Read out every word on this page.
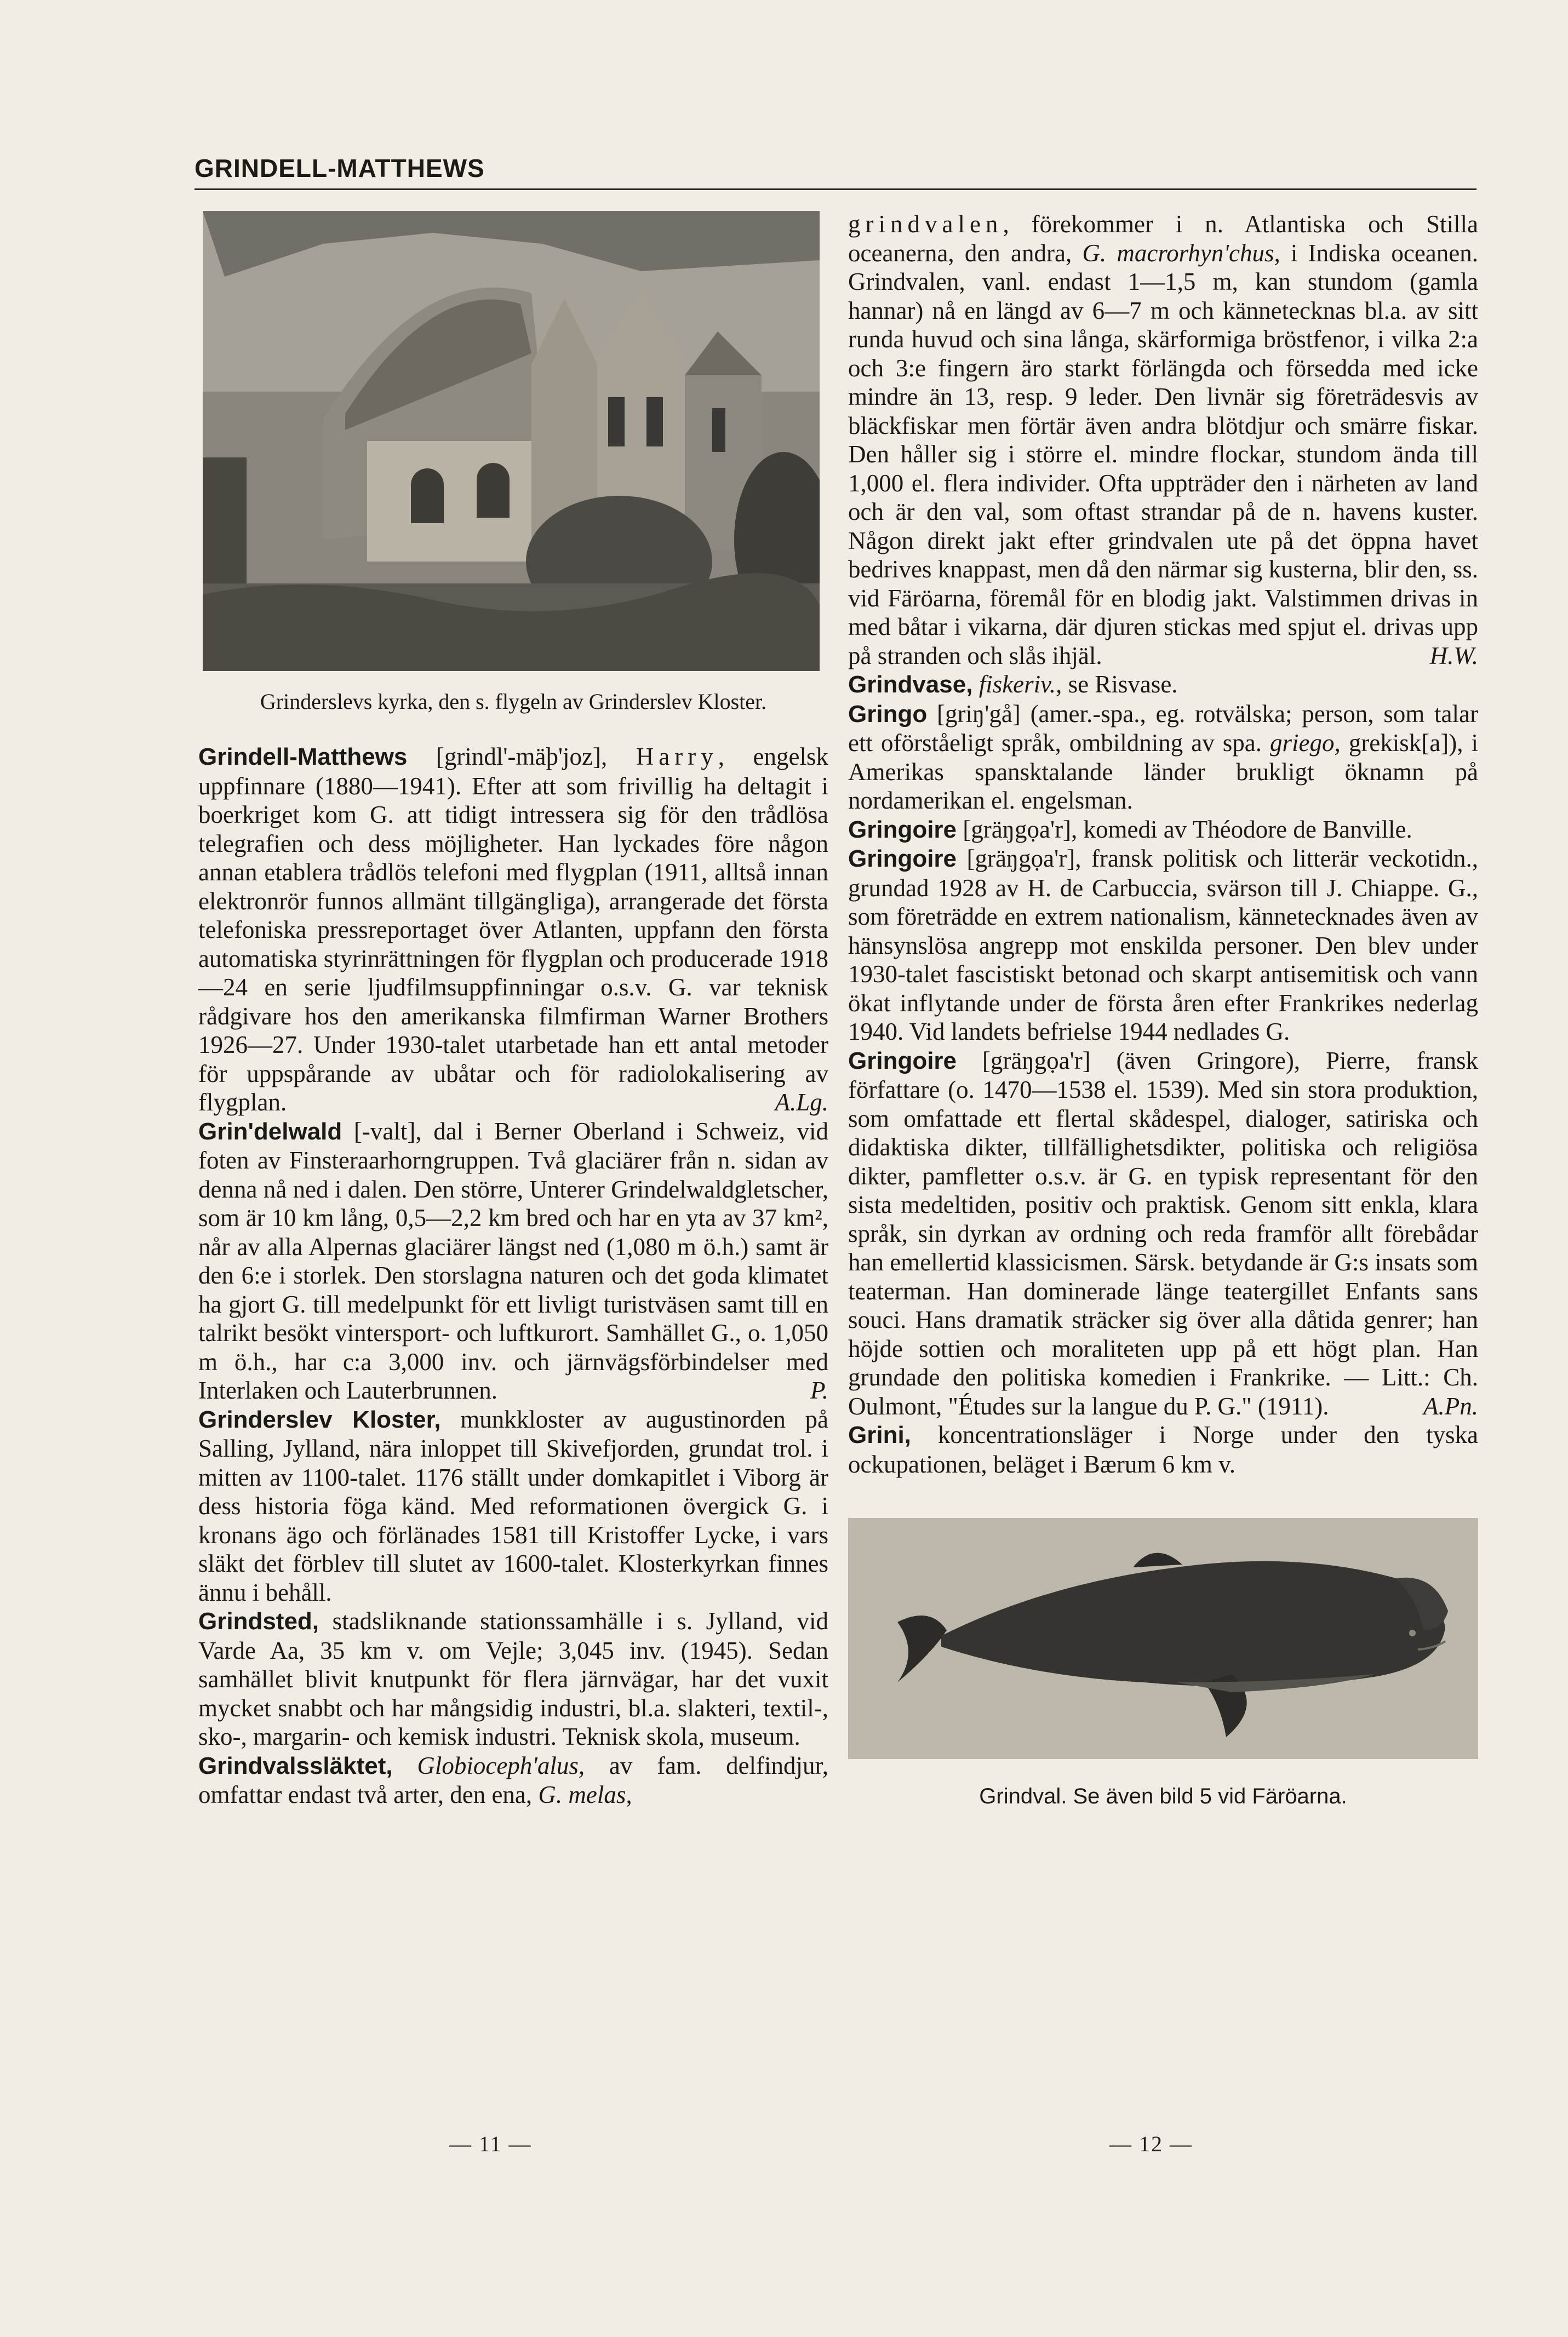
GRINDELL-MATTHEWS
Grinderslevs kyrka, den s. flygeln av Grinderslev Kloster.

Grindell-Matthews [grindl'-mäþ'joz], Harry, engelsk uppfinnare (1880—1941). Efter att som frivillig ha deltagit i boerkriget kom G. att tidigt intressera sig för den trådlösa telegrafien och dess möjligheter. Han lyckades före någon annan etablera trådlös telefoni med flygplan (1911, alltså innan elektronrör funnos allmänt tillgängliga), arrangerade det första telefoniska pressreportaget över Atlanten, uppfann den första automatiska styrinrättningen för flygplan och producerade 1918—24 en serie ljudfilmsuppfinningar o.s.v. G. var teknisk rådgivare hos den amerikanska filmfirman Warner Brothers 1926—27. Under 1930-talet utarbetade han ett antal metoder för uppspårande av ubåtar och för radiolokalisering av flygplan.	A.Lg.

Grin'delwald [-valt], dal i Berner Oberland i Schweiz, vid foten av Finsteraarhorngruppen. Två glaciärer från n. sidan av denna nå ned i dalen. Den större, Unterer Grindelwaldgletscher, som är 10 km lång, 0,5—2,2 km bred och har en yta av 37 km², når av alla Alpernas glaciärer längst ned (1,080 m ö.h.) samt är den 6:e i storlek. Den storslagna naturen och det goda klimatet ha gjort G. till medelpunkt för ett livligt turistväsen samt till en talrikt besökt vintersport- och luftkurort. Samhället G., o. 1,050 m ö.h., har c:a 3,000 inv. och järnvägsförbindelser med Interlaken och Lauterbrunnen.	P.

Grinderslev Kloster, munkkloster av augustinorden på Salling, Jylland, nära inloppet till Skivefjorden, grundat trol. i mitten av 1100-talet. 1176 ställt under domkapitlet i Viborg är dess historia föga känd. Med reformationen övergick G. i kronans ägo och förlänades 1581 till Kristoffer Lycke, i vars släkt det förblev till slutet av 1600-talet. Klosterkyrkan finnes ännu i behåll.

Grindsted, stadsliknande stationssamhälle i s. Jylland, vid Varde Aa, 35 km v. om Vejle; 3,045 inv. (1945). Sedan samhället blivit knutpunkt för flera järnvägar, har det vuxit mycket snabbt och har mångsidig industri, bl.a. slakteri, textil-, sko-, margarin- och kemisk industri. Teknisk skola, museum.

Grindvalssläktet, Globioceph'alus, av fam. delfindjur, omfattar endast två arter, den ena, G. melas,

grindvalen, förekommer i n. Atlantiska och Stilla oceanerna, den andra, G. macrorhyn'chus, i Indiska oceanen. Grindvalen, vanl. endast 1—1,5 m, kan stundom (gamla hannar) nå en längd av 6—7 m och kännetecknas bl.a. av sitt runda huvud och sina långa, skärformiga bröstfenor, i vilka 2:a och 3:e fingern äro starkt förlängda och försedda med icke mindre än 13, resp. 9 leder. Den livnär sig företrädesvis av bläckfiskar men förtär även andra blötdjur och smärre fiskar. Den håller sig i större el. mindre flockar, stundom ända till 1,000 el. flera individer. Ofta uppträder den i närheten av land och är den val, som oftast strandar på de n. havens kuster. Någon direkt jakt efter grindvalen ute på det öppna havet bedrives knappast, men då den närmar sig kusterna, blir den, ss. vid Färöarna, föremål för en blodig jakt. Valstimmen drivas in med båtar i vikarna, där djuren stickas med spjut el. drivas upp på stranden och slås ihjäl.	H.W.

Grindvase, fiskeriv., se Risvase.

Gringo [griŋ'gå] (amer.-spa., eg. rotvälska; person, som talar ett oförståeligt språk, ombildning av spa. griego, grekisk[a]), i Amerikas spansktalande länder brukligt öknamn på nordamerikan el. engelsman.

Gringoire [gräŋgọa'r], komedi av Théodore de Banville.

Gringoire [gräŋgọa'r], fransk politisk och litterär veckotidn., grundad 1928 av H. de Carbuccia, svärson till J. Chiappe. G., som företrädde en extrem nationalism, kännetecknades även av hänsynslösa angrepp mot enskilda personer. Den blev under 1930-talet fascistiskt betonad och skarpt antisemitisk och vann ökat inflytande under de första åren efter Frankrikes nederlag 1940. Vid landets befrielse 1944 nedlades G.

Gringoire [gräŋgọa'r] (även Gringore), Pierre, fransk författare (o. 1470—1538 el. 1539). Med sin stora produktion, som omfattade ett flertal skådespel, dialoger, satiriska och didaktiska dikter, tillfällighetsdikter, politiska och religiösa dikter, pamfletter o.s.v. är G. en typisk representant för den sista medeltiden, positiv och praktisk. Genom sitt enkla, klara språk, sin dyrkan av ordning och reda framför allt förebådar han emellertid klassicismen. Särsk. betydande är G:s insats som teaterman. Han dominerade länge teatergillet Enfants sans souci. Hans dramatik sträcker sig över alla dåtida genrer; han höjde sottien och moraliteten upp på ett högt plan. Han grundade den politiska komedien i Frankrike. — Litt.: Ch. Oulmont, "Études sur la langue du P. G." (1911).	A.Pn.

Grini, koncentrationsläger i Norge under den tyska ockupationen, beläget i Bærum 6 km v.

Grindval. Se även bild 5 vid Färöarna.
— 11 —	— 12 —
